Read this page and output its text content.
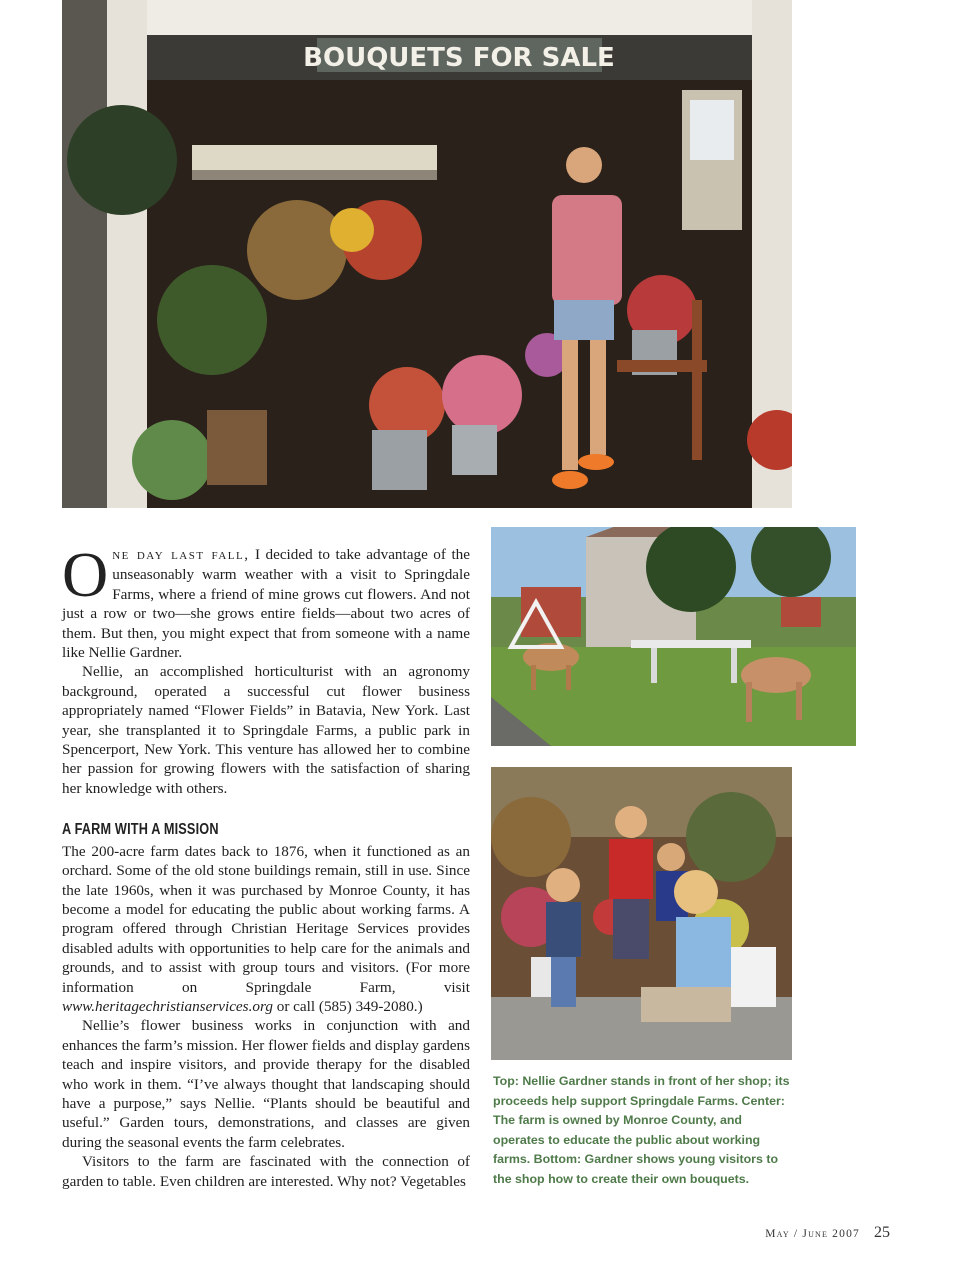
BOUQUETS FOR SALE

One day last fall, I decided to take advantage of the unseasonably warm weather with a visit to Springdale Farms, where a friend of mine grows cut flowers. And not just a row or two—she grows entire fields—about two acres of them. But then, you might expect that from someone with a name like Nellie Gardner.

Nellie, an accomplished horticulturist with an agronomy background, operated a successful cut flower business appropriately named “Flower Fields” in Batavia, New York. Last year, she transplanted it to Springdale Farms, a public park in Spencerport, New York. This venture has allowed her to combine her passion for growing flowers with the satisfaction of sharing her knowledge with others.

A FARM WITH A MISSION

The 200-acre farm dates back to 1876, when it functioned as an orchard. Some of the old stone buildings remain, still in use. Since the late 1960s, when it was purchased by Monroe County, it has become a model for educating the public about working farms. A program offered through Christian Heritage Services provides disabled adults with opportunities to help care for the animals and grounds, and to assist with group tours and visitors. (For more information on Springdale Farm, visit www.heritagechristianservices.org or call (585) 349-2080.)

Nellie’s flower business works in conjunction with and enhances the farm’s mission. Her flower fields and display gardens teach and inspire visitors, and provide therapy for the disabled who work in them. “I’ve always thought that landscaping should have a purpose,” says Nellie. “Plants should be beautiful and useful.” Garden tours, demonstrations, and classes are given during the seasonal events the farm celebrates.

Visitors to the farm are fascinated with the connection of garden to table. Even children are interested. Why not? Vegetables

Top: Nellie Gardner stands in front of her shop; its proceeds help support Springdale Farms. Center: The farm is owned by Monroe County, and operates to educate the public about working farms. Bottom: Gardner shows young visitors to the shop how to create their own bouquets.
May / June 2007 25
